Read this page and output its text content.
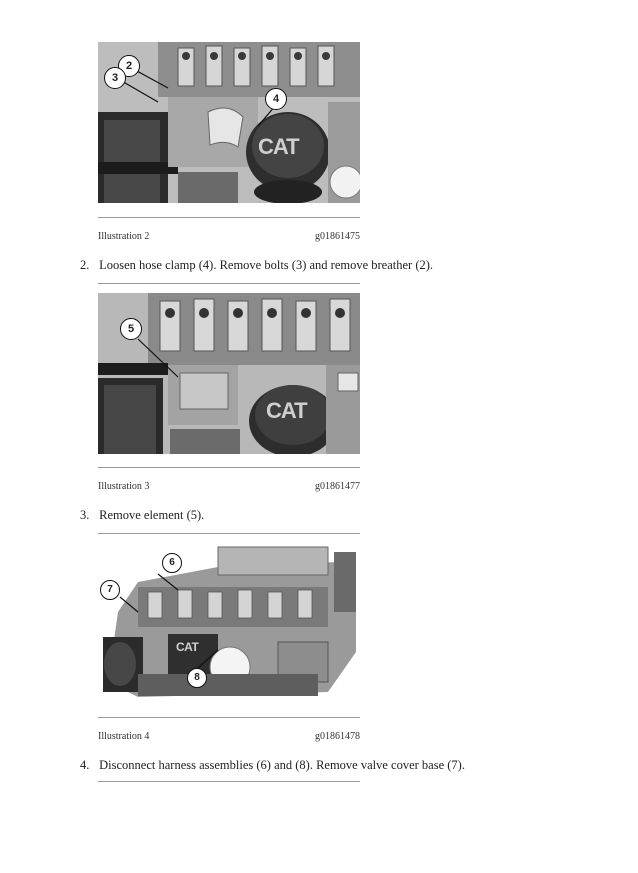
2
3
4
CAT
Illustration 2	g01861475
2. Loosen hose clamp (4). Remove bolts (3) and remove breather (2).
5
CAT
Illustration 3	g01861477
3. Remove element (5).
6
7
8
CAT
Illustration 4	g01861478
4. Disconnect harness assemblies (6) and (8). Remove valve cover base (7).
